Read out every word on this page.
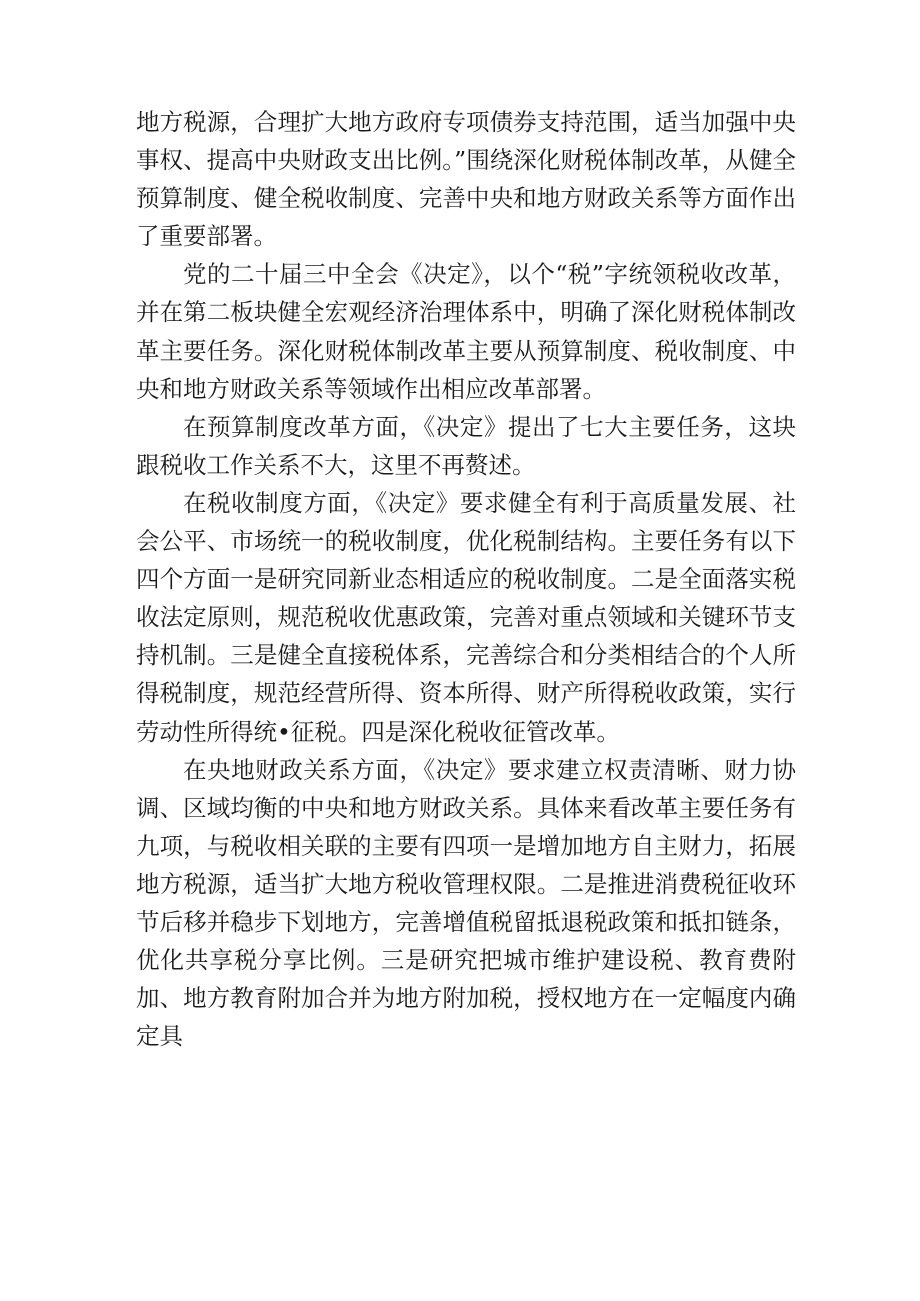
地方税源，合理扩大地方政府专项债券支持范围，适当加强中央事权、提高中央财政支出比例。”围绕深化财税体制改革，从健全预算制度、健全税收制度、完善中央和地方财政关系等方面作出了重要部署。

党的二十届三中全会《决定》，以个“税”字统领税收改革，并在第二板块健全宏观经济治理体系中，明确了深化财税体制改革主要任务。深化财税体制改革主要从预算制度、税收制度、中央和地方财政关系等领域作出相应改革部署。

在预算制度改革方面，《决定》提出了七大主要任务，这块跟税收工作关系不大，这里不再赘述。

在税收制度方面，《决定》要求健全有利于高质量发展、社会公平、市场统一的税收制度，优化税制结构。主要任务有以下四个方面一是研究同新业态相适应的税收制度。二是全面落实税收法定原则，规范税收优惠政策，完善对重点领域和关键环节支持机制。三是健全直接税体系，完善综合和分类相结合的个人所得税制度，规范经营所得、资本所得、财产所得税收政策，实行劳动性所得统•征税。四是深化税收征管改革。

在央地财政关系方面，《决定》要求建立权责清晰、财力协调、区域均衡的中央和地方财政关系。具体来看改革主要任务有九项，与税收相关联的主要有四项一是增加地方自主财力，拓展地方税源，适当扩大地方税收管理权限。二是推进消费税征收环节后移并稳步下划地方，完善增值税留抵退税政策和抵扣链条，优化共享税分享比例。三是研究把城市维护建设税、教育费附加、地方教育附加合并为地方附加税，授权地方在一定幅度内确定具
